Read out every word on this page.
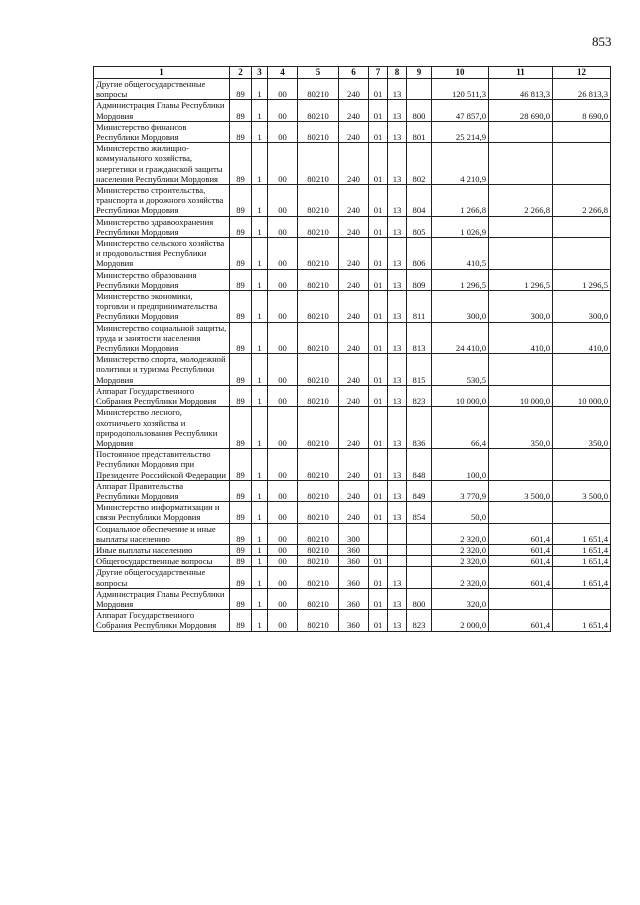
853
1	2	3	4	5	6	7	8	9	10	11	12
Другие общегосударственные вопросы	89	1	00	80210	240	01	13		120 511,3	46 813,3	26 813,3
Администрация Главы Республики Мордовия	89	1	00	80210	240	01	13	800	47 857,0	28 690,0	8 690,0
Министерство финансов Республики Мордовия	89	1	00	80210	240	01	13	801	25 214,9		
Министерство жилищно-коммунального хозяйства, энергетики и гражданской защиты населения Республики Мордовия	89	1	00	80210	240	01	13	802	4 210,9		
Министерство строительства, транспорта и дорожного хозяйства Республики Мордовия	89	1	00	80210	240	01	13	804	1 266,8	2 266,8	2 266,8
Министерство здравоохранения Республики Мордовия	89	1	00	80210	240	01	13	805	1 026,9		
Министерство сельского хозяйства и продовольствия Республики Мордовия	89	1	00	80210	240	01	13	806	410,5		
Министерство образования Республики Мордовия	89	1	00	80210	240	01	13	809	1 296,5	1 296,5	1 296,5
Министерство экономики, торговли и предпринимательства Республики Мордовия	89	1	00	80210	240	01	13	811	300,0	300,0	300,0
Министерство социальной защиты, труда и занятости населения Республики Мордовия	89	1	00	80210	240	01	13	813	24 410,0	410,0	410,0
Министерство спорта, молодежной политики и туризма Республики Мордовия	89	1	00	80210	240	01	13	815	530,5		
Аппарат Государственного Собрания Республики Мордовия	89	1	00	80210	240	01	13	823	10 000,0	10 000,0	10 000,0
Министерство лесного, охотничьего хозяйства и природопользования Республики Мордовия	89	1	00	80210	240	01	13	836	66,4	350,0	350,0
Постоянное представительство Республики Мордовия при Президенте Российской Федерации	89	1	00	80210	240	01	13	848	100,0		
Аппарат Правительства Республики Мордовия	89	1	00	80210	240	01	13	849	3 770,9	3 500,0	3 500,0
Министерство информатизации и связи Республики Мордовия	89	1	00	80210	240	01	13	854	50,0		
Социальное обеспечение и иные выплаты населению	89	1	00	80210	300				2 320,0	601,4	1 651,4
Иные выплаты населению	89	1	00	80210	360				2 320,0	601,4	1 651,4
Общегосударственные вопросы	89	1	00	80210	360	01			2 320,0	601,4	1 651,4
Другие общегосударственные вопросы	89	1	00	80210	360	01	13		2 320,0	601,4	1 651,4
Администрация Главы Республики Мордовия	89	1	00	80210	360	01	13	800	320,0		
Аппарат Государственного Собрания Республики Мордовия	89	1	00	80210	360	01	13	823	2 000,0	601,4	1 651,4
